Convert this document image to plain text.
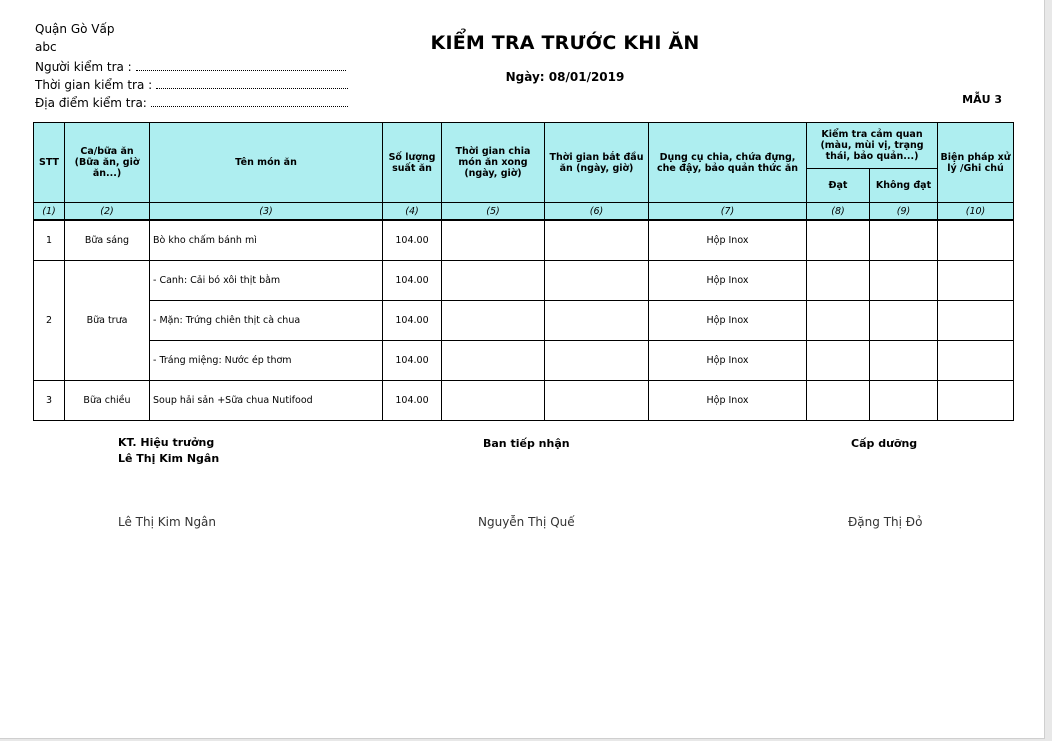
Quận Gò Vấp
abc
Người kiểm tra :
Thời gian kiểm tra :
Địa điểm kiểm tra:
KIỂM TRA TRƯỚC KHI ĂN
Ngày: 08/01/2019
MẪU 3
STT	Ca/bữa ăn (Bữa ăn, giờ ăn...)	Tên món ăn	Số lượng suất ăn	Thời gian chia món ăn xong (ngày, giờ)	Thời gian bắt đầu ăn (ngày, giờ)	Dụng cụ chia, chứa đựng, che đậy, bảo quản thức ăn	Kiểm tra cảm quan (màu, mùi vị, trạng thái, bảo quản...)		Biện pháp xử lý /Ghi chú
							Đạt	Không đạt	
(1)	(2)	(3)	(4)	(5)	(6)	(7)	(8)	(9)	(10)
1	Bữa sáng	Bò kho chấm bánh mì	104.00			Hộp Inox			
2	Bữa trưa	- Canh: Cải bó xôi thịt bằm	104.00			Hộp Inox			
		- Mặn: Trứng chiên thịt cà chua	104.00			Hộp Inox			
		- Tráng miệng: Nước ép thơm	104.00			Hộp Inox			
3	Bữa chiều	Soup hải sản +Sữa chua Nutifood	104.00			Hộp Inox			
KT. Hiệu trưởng
Lê Thị Kim Ngân
Ban tiếp nhận	Cấp dưỡng
Lê Thị Kim Ngân	Nguyễn Thị Quế	Đặng Thị Đỏ
